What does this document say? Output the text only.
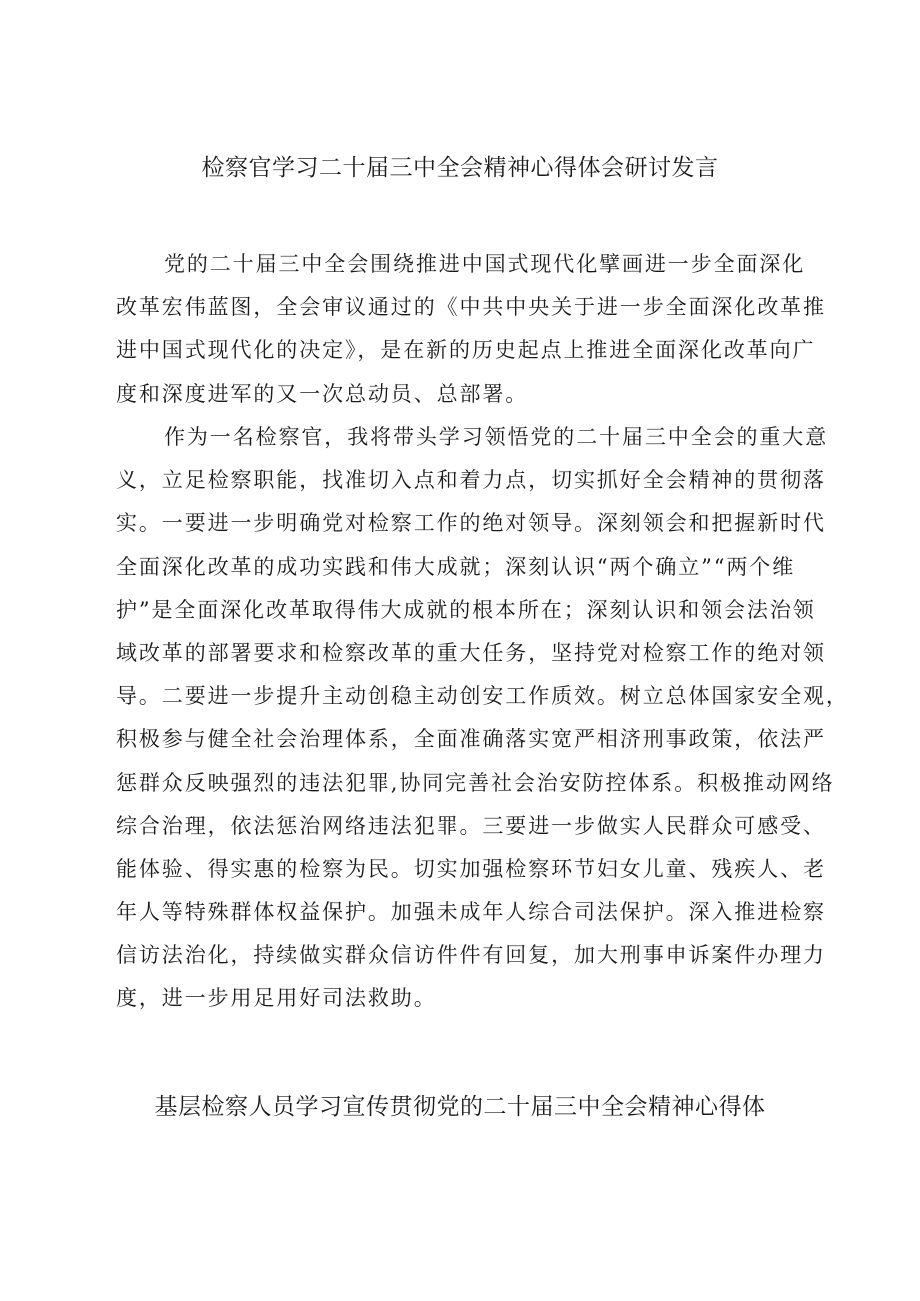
检察官学习二十届三中全会精神心得体会研讨发言
党的二十届三中全会围绕推进中国式现代化擘画进一步全面深化
改革宏伟蓝图，全会审议通过的《中共中央关于进一步全面深化改革推
进中国式现代化的决定》，是在新的历史起点上推进全面深化改革向广
度和深度进军的又一次总动员、总部署。
作为一名检察官，我将带头学习领悟党的二十届三中全会的重大意
义，立足检察职能，找准切入点和着力点，切实抓好全会精神的贯彻落
实。一要进一步明确党对检察工作的绝对领导。深刻领会和把握新时代
全面深化改革的成功实践和伟大成就；深刻认识“两个确立”“两个维
护”是全面深化改革取得伟大成就的根本所在；深刻认识和领会法治领
域改革的部署要求和检察改革的重大任务，坚持党对检察工作的绝对领
导。二要进一步提升主动创稳主动创安工作质效。树立总体国家安全观，
积极参与健全社会治理体系，全面准确落实宽严相济刑事政策，依法严
惩群众反映强烈的违法犯罪,协同完善社会治安防控体系。积极推动网络
综合治理，依法惩治网络违法犯罪。三要进一步做实人民群众可感受、
能体验、得实惠的检察为民。切实加强检察环节妇女儿童、残疾人、老
年人等特殊群体权益保护。加强未成年人综合司法保护。深入推进检察
信访法治化，持续做实群众信访件件有回复，加大刑事申诉案件办理力
度，进一步用足用好司法救助。
基层检察人员学习宣传贯彻党的二十届三中全会精神心得体
